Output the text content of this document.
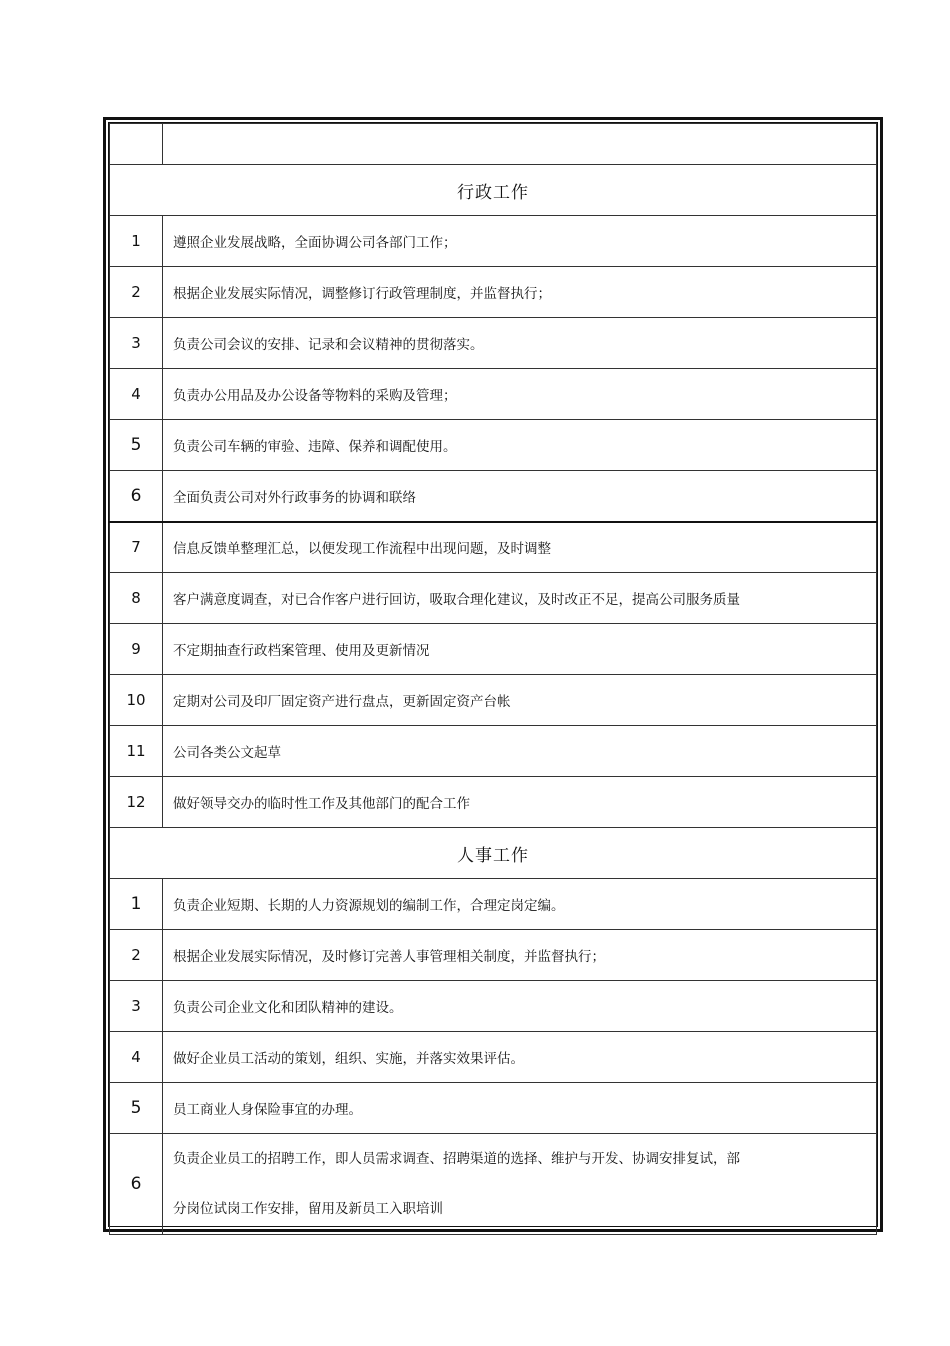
行政工作	
1	遵照企业发展战略，全面协调公司各部门工作；
2	根据企业发展实际情况，调整修订行政管理制度，并监督执行；
3	负责公司会议的安排、记录和会议精神的贯彻落实。
4	负责办公用品及办公设备等物料的采购及管理；
5	负责公司车辆的审验、违障、保养和调配使用。
6	全面负责公司对外行政事务的协调和联络
7	信息反馈单整理汇总，以便发现工作流程中出现问题，及时调整
8	客户满意度调查，对已合作客户进行回访，吸取合理化建议，及时改正不足，提高公司服务质量
9	不定期抽查行政档案管理、使用及更新情况
10	定期对公司及印厂固定资产进行盘点，更新固定资产台帐
11	公司各类公文起草
12	做好领导交办的临时性工作及其他部门的配合工作
人事工作	
1	负责企业短期、长期的人力资源规划的编制工作，合理定岗定编。
2	根据企业发展实际情况，及时修订完善人事管理相关制度，并监督执行；
3	负责公司企业文化和团队精神的建设。
4	做好企业员工活动的策划，组织、实施，并落实效果评估。
5	员工商业人身保险事宜的办理。
6	负责企业员工的招聘工作，即人员需求调查、招聘渠道的选择、维护与开发、协调安排复试，部
分岗位试岗工作安排，留用及新员工入职培训
